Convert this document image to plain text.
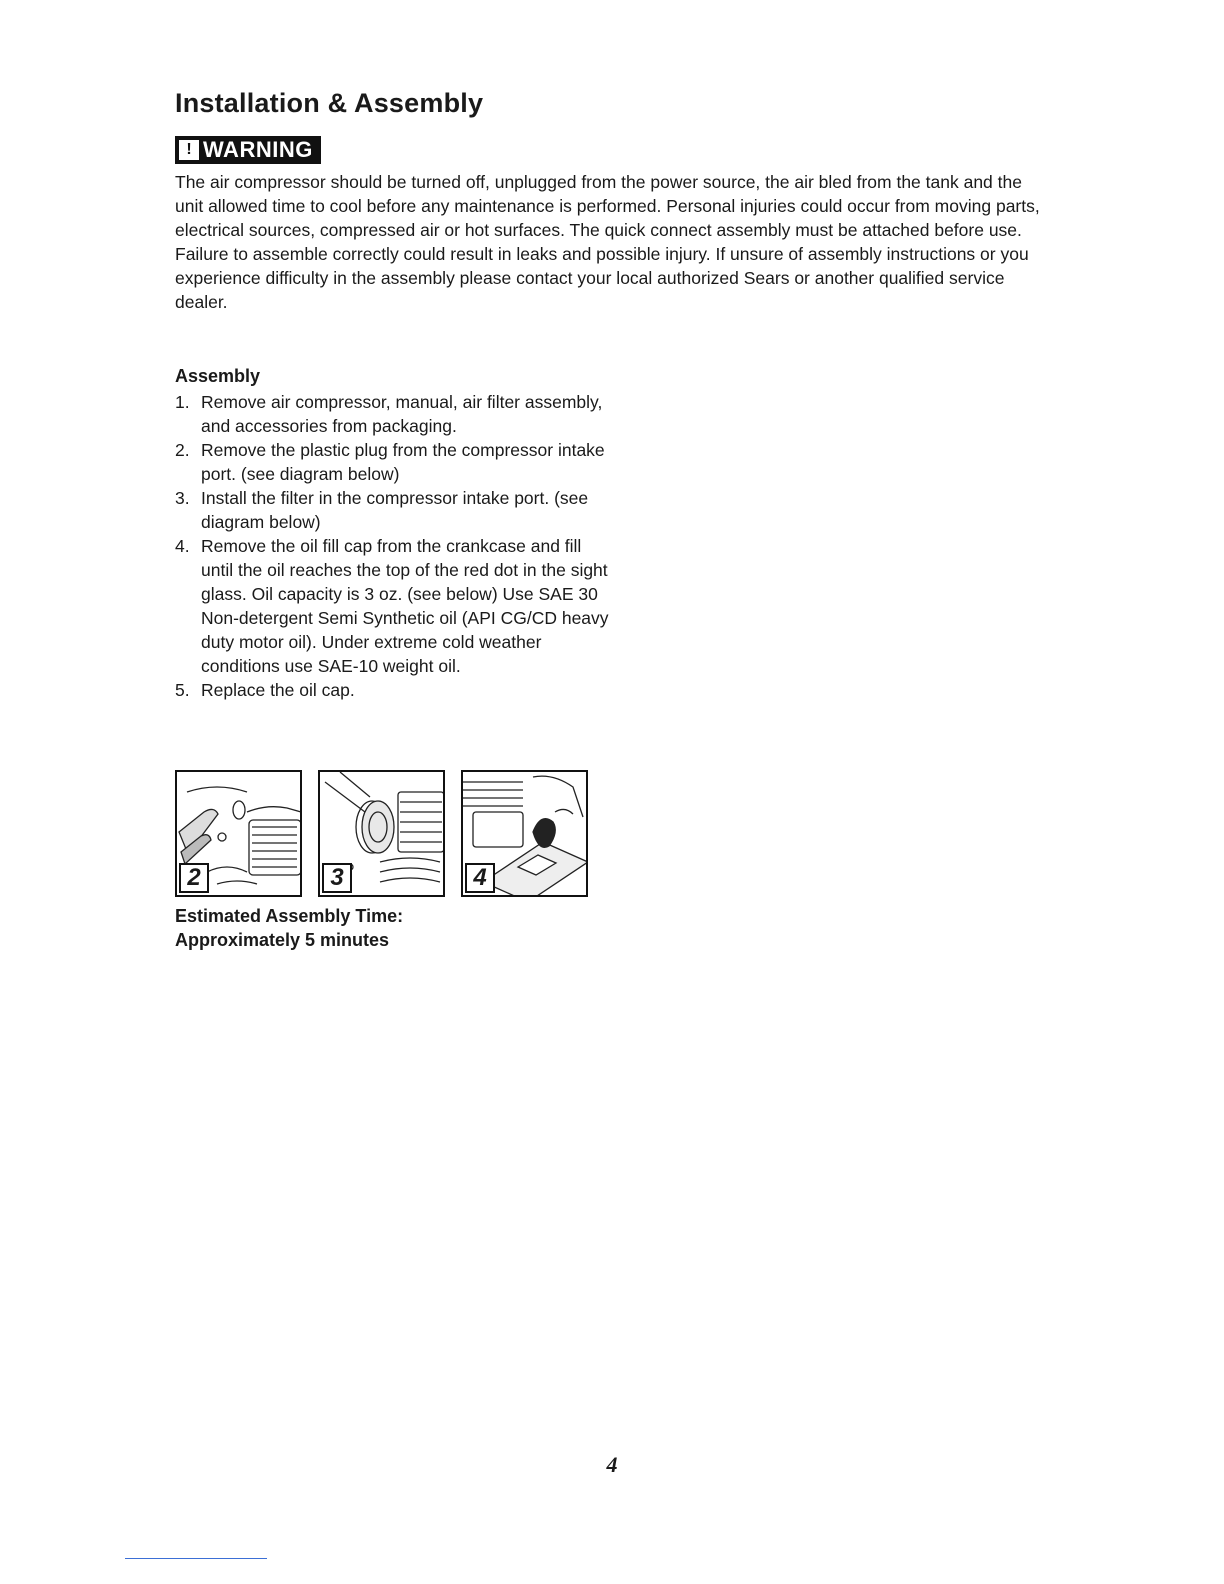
Installation & Assembly
! WARNING

The air compressor should be turned off, unplugged from the power source, the air bled from the tank and the unit allowed time to cool before any maintenance is performed. Personal injuries could occur from moving parts, electrical sources, compressed air or hot surfaces. The quick connect assembly must be attached before use. Failure to assemble correctly could result in leaks and possible injury. If unsure of assembly instructions or you experience difficulty in the assembly please contact your local authorized Sears or another qualified service dealer.

Assembly
1. Remove air compressor, manual, air filter assembly, and accessories from packaging.
2. Remove the plastic plug from the compressor intake port. (see diagram below)
3. Install the filter in the compressor intake port. (see diagram below)
4. Remove the oil fill cap from the crankcase and fill until the oil reaches the top of the red dot in the sight glass. Oil capacity is 3 oz. (see below) Use SAE 30 Non-detergent Semi Synthetic oil (API CG/CD heavy duty motor oil). Under extreme cold weather conditions use SAE-10 weight oil.
5. Replace the oil cap.
2	3	4
Estimated Assembly Time:
Approximately 5 minutes
4
